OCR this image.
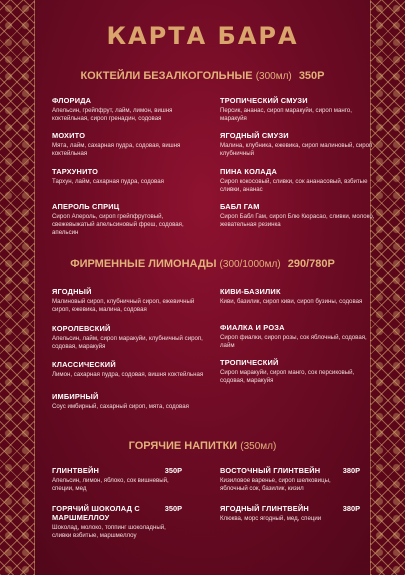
КАРТА БАРА
КОКТЕЙЛИ БЕЗАЛКОГОЛЬНЫЕ (300мл) 350Р
ФЛОРИДА
Апельсин, грейпфрут, лайм, лимон, вишня коктейльная, сироп гренадин, содовая
ТРОПИЧЕСКИЙ СМУЗИ
Персик, ананас, сироп маракуйи, сироп манго, маракуйя
МОХИТО
Мята, лайм, сахарная пудра, содовая, вишня коктейльная
ЯГОДНЫЙ СМУЗИ
Малина, клубника, ежевика, сироп малиновый, сироп клубничный
ТАРХУНИТО
Тархун, лайм, сахарная пудра, содовая
ПИНА КОЛАДА
Сироп кокосовый, сливки, сок ананасовый, взбитые сливки, ананас
АПЕРОЛЬ СПРИЦ
Сироп Апероль, сироп грейпфрутовый, свежевыжатый апельсиновый фреш, содовая, апельсин
БАБЛ ГАМ
Сироп Бабл Гам, сироп Блю Кюрасао, сливки, молоко, жевательная резинка
ФИРМЕННЫЕ ЛИМОНАДЫ (300/1000мл) 290/780Р
ЯГОДНЫЙ
Малиновый сироп, клубничный сироп, ежевичный сироп, ежевика, малина, содовая
КИВИ-БАЗИЛИК
Киви, базилик, сироп киви, сироп бузины, содовая
КОРОЛЕВСКИЙ
Апельсин, лайм, сироп маракуйи, клубничный сироп, содовая, маракуйя
ФИАЛКА И РОЗА
Сироп фиалки, сироп розы, сок яблочный, содовая, лайм
КЛАССИЧЕСКИЙ
Лимон, сахарная пудра, содовая, вишня коктейльная
ТРОПИЧЕСКИЙ
Сироп маракуйи, сироп манго, сок персиковый, содовая, маракуйя
ИМБИРНЫЙ
Соус имбирный, сахарный сироп, мята, содовая
ГОРЯЧИЕ НАПИТКИ (350мл)
ГЛИНТВЕЙН	350Р
Апельсин, лимон, яблоко, сок вишневый, специи, мед
ВОСТОЧНЫЙ ГЛИНТВЕЙН	380Р
Кизиловое варенье, сироп шелковицы, яблочный сок, базилик, кизил
ГОРЯЧИЙ ШОКОЛАД С МАРШМЕЛЛОУ
350Р
Шоколад, молоко, топпинг шоколадный, сливки взбитые, маршмеллоу
ЯГОДНЫЙ ГЛИНТВЕЙН	380Р
Клюква, морс ягодный, мед, специи
